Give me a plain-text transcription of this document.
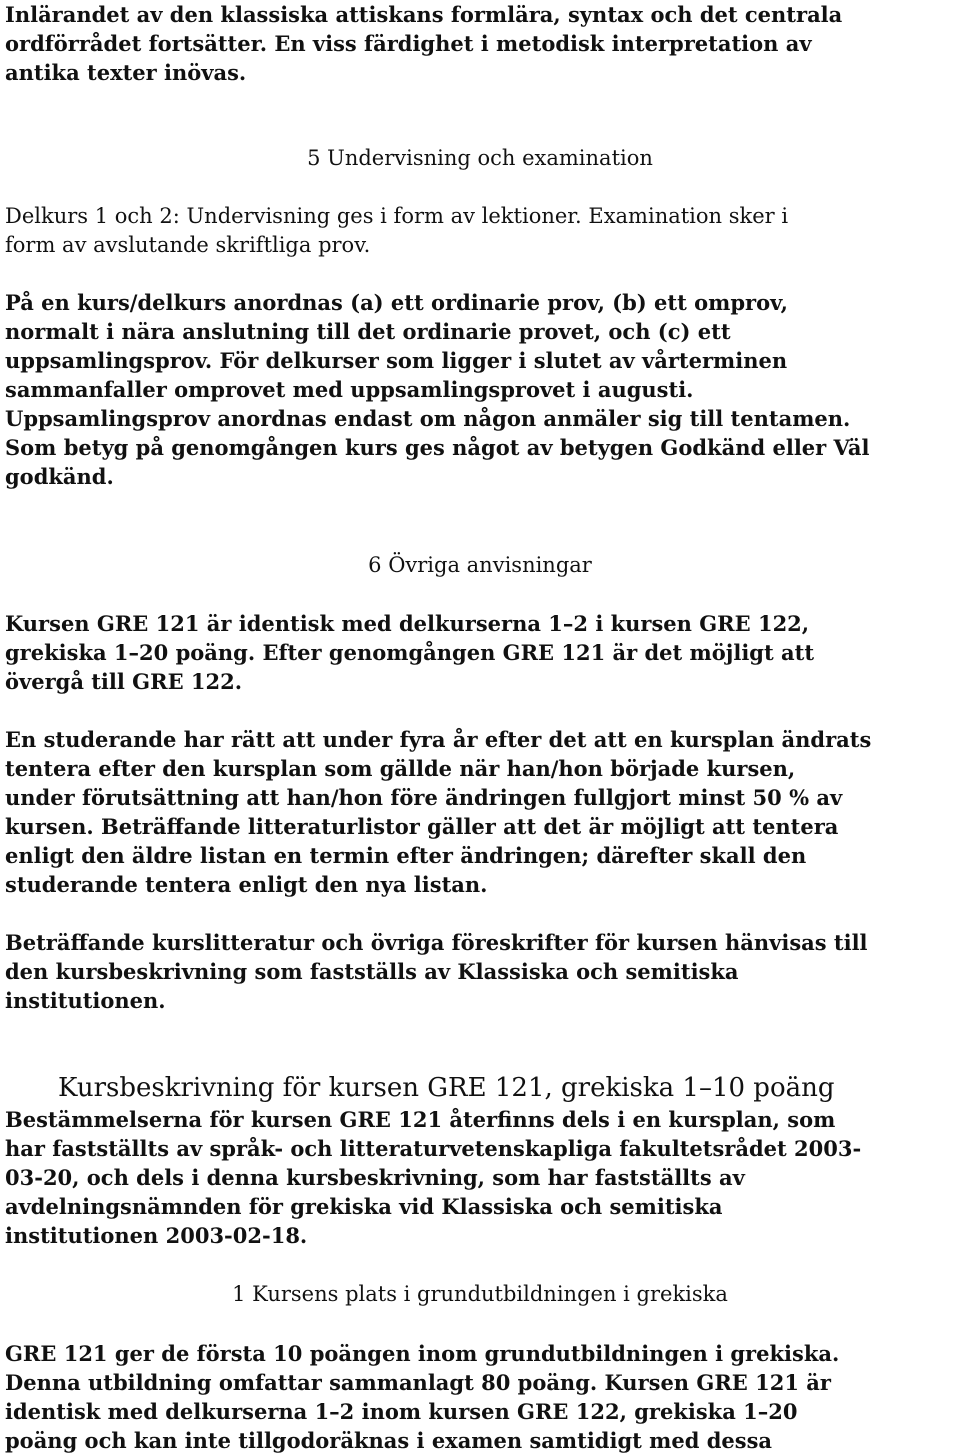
Inlärandet av den klassiska attiskans formlära, syntax och det centrala
ordförrådet fortsätter. En viss färdighet i metodisk interpretation av
antika texter inövas.

5 Undervisning och examination

Delkurs 1 och 2: Undervisning ges i form av lektioner. Examination sker i
form av avslutande skriftliga prov.

På en kurs/delkurs anordnas (a) ett ordinarie prov, (b) ett omprov,
normalt i nära anslutning till det ordinarie provet, och (c) ett
uppsamlingsprov. För delkurser som ligger i slutet av vårterminen
sammanfaller omprovet med uppsamlingsprovet i augusti.
Uppsamlingsprov anordnas endast om någon anmäler sig till tentamen.
Som betyg på genomgången kurs ges något av betygen Godkänd eller Väl
godkänd.

6 Övriga anvisningar

Kursen GRE 121 är identisk med delkurserna 1–2 i kursen GRE 122,
grekiska 1–20 poäng. Efter genomgången GRE 121 är det möjligt att
övergå till GRE 122.

En studerande har rätt att under fyra år efter det att en kursplan ändrats
tentera efter den kursplan som gällde när han/hon började kursen,
under förutsättning att han/hon före ändringen fullgjort minst 50 % av
kursen. Beträffande litteraturlistor gäller att det är möjligt att tentera
enligt den äldre listan en termin efter ändringen; därefter skall den
studerande tentera enligt den nya listan.

Beträffande kurslitteratur och övriga föreskrifter för kursen hänvisas till
den kursbeskrivning som fastställs av Klassiska och semitiska
institutionen.

Kursbeskrivning för kursen GRE 121, grekiska 1–10 poäng

Bestämmelserna för kursen GRE 121 återfinns dels i en kursplan, som
har fastställts av språk- och litteraturvetenskapliga fakultetsrådet 2003-
03-20, och dels i denna kursbeskrivning, som har fastställts av
avdelningsnämnden för grekiska vid Klassiska och semitiska
institutionen 2003-02-18.

1 Kursens plats i grundutbildningen i grekiska

GRE 121 ger de första 10 poängen inom grundutbildningen i grekiska.
Denna utbildning omfattar sammanlagt 80 poäng. Kursen GRE 121 är
identisk med delkurserna 1–2 inom kursen GRE 122, grekiska 1–20
poäng och kan inte tillgodoräknas i examen samtidigt med dessa
